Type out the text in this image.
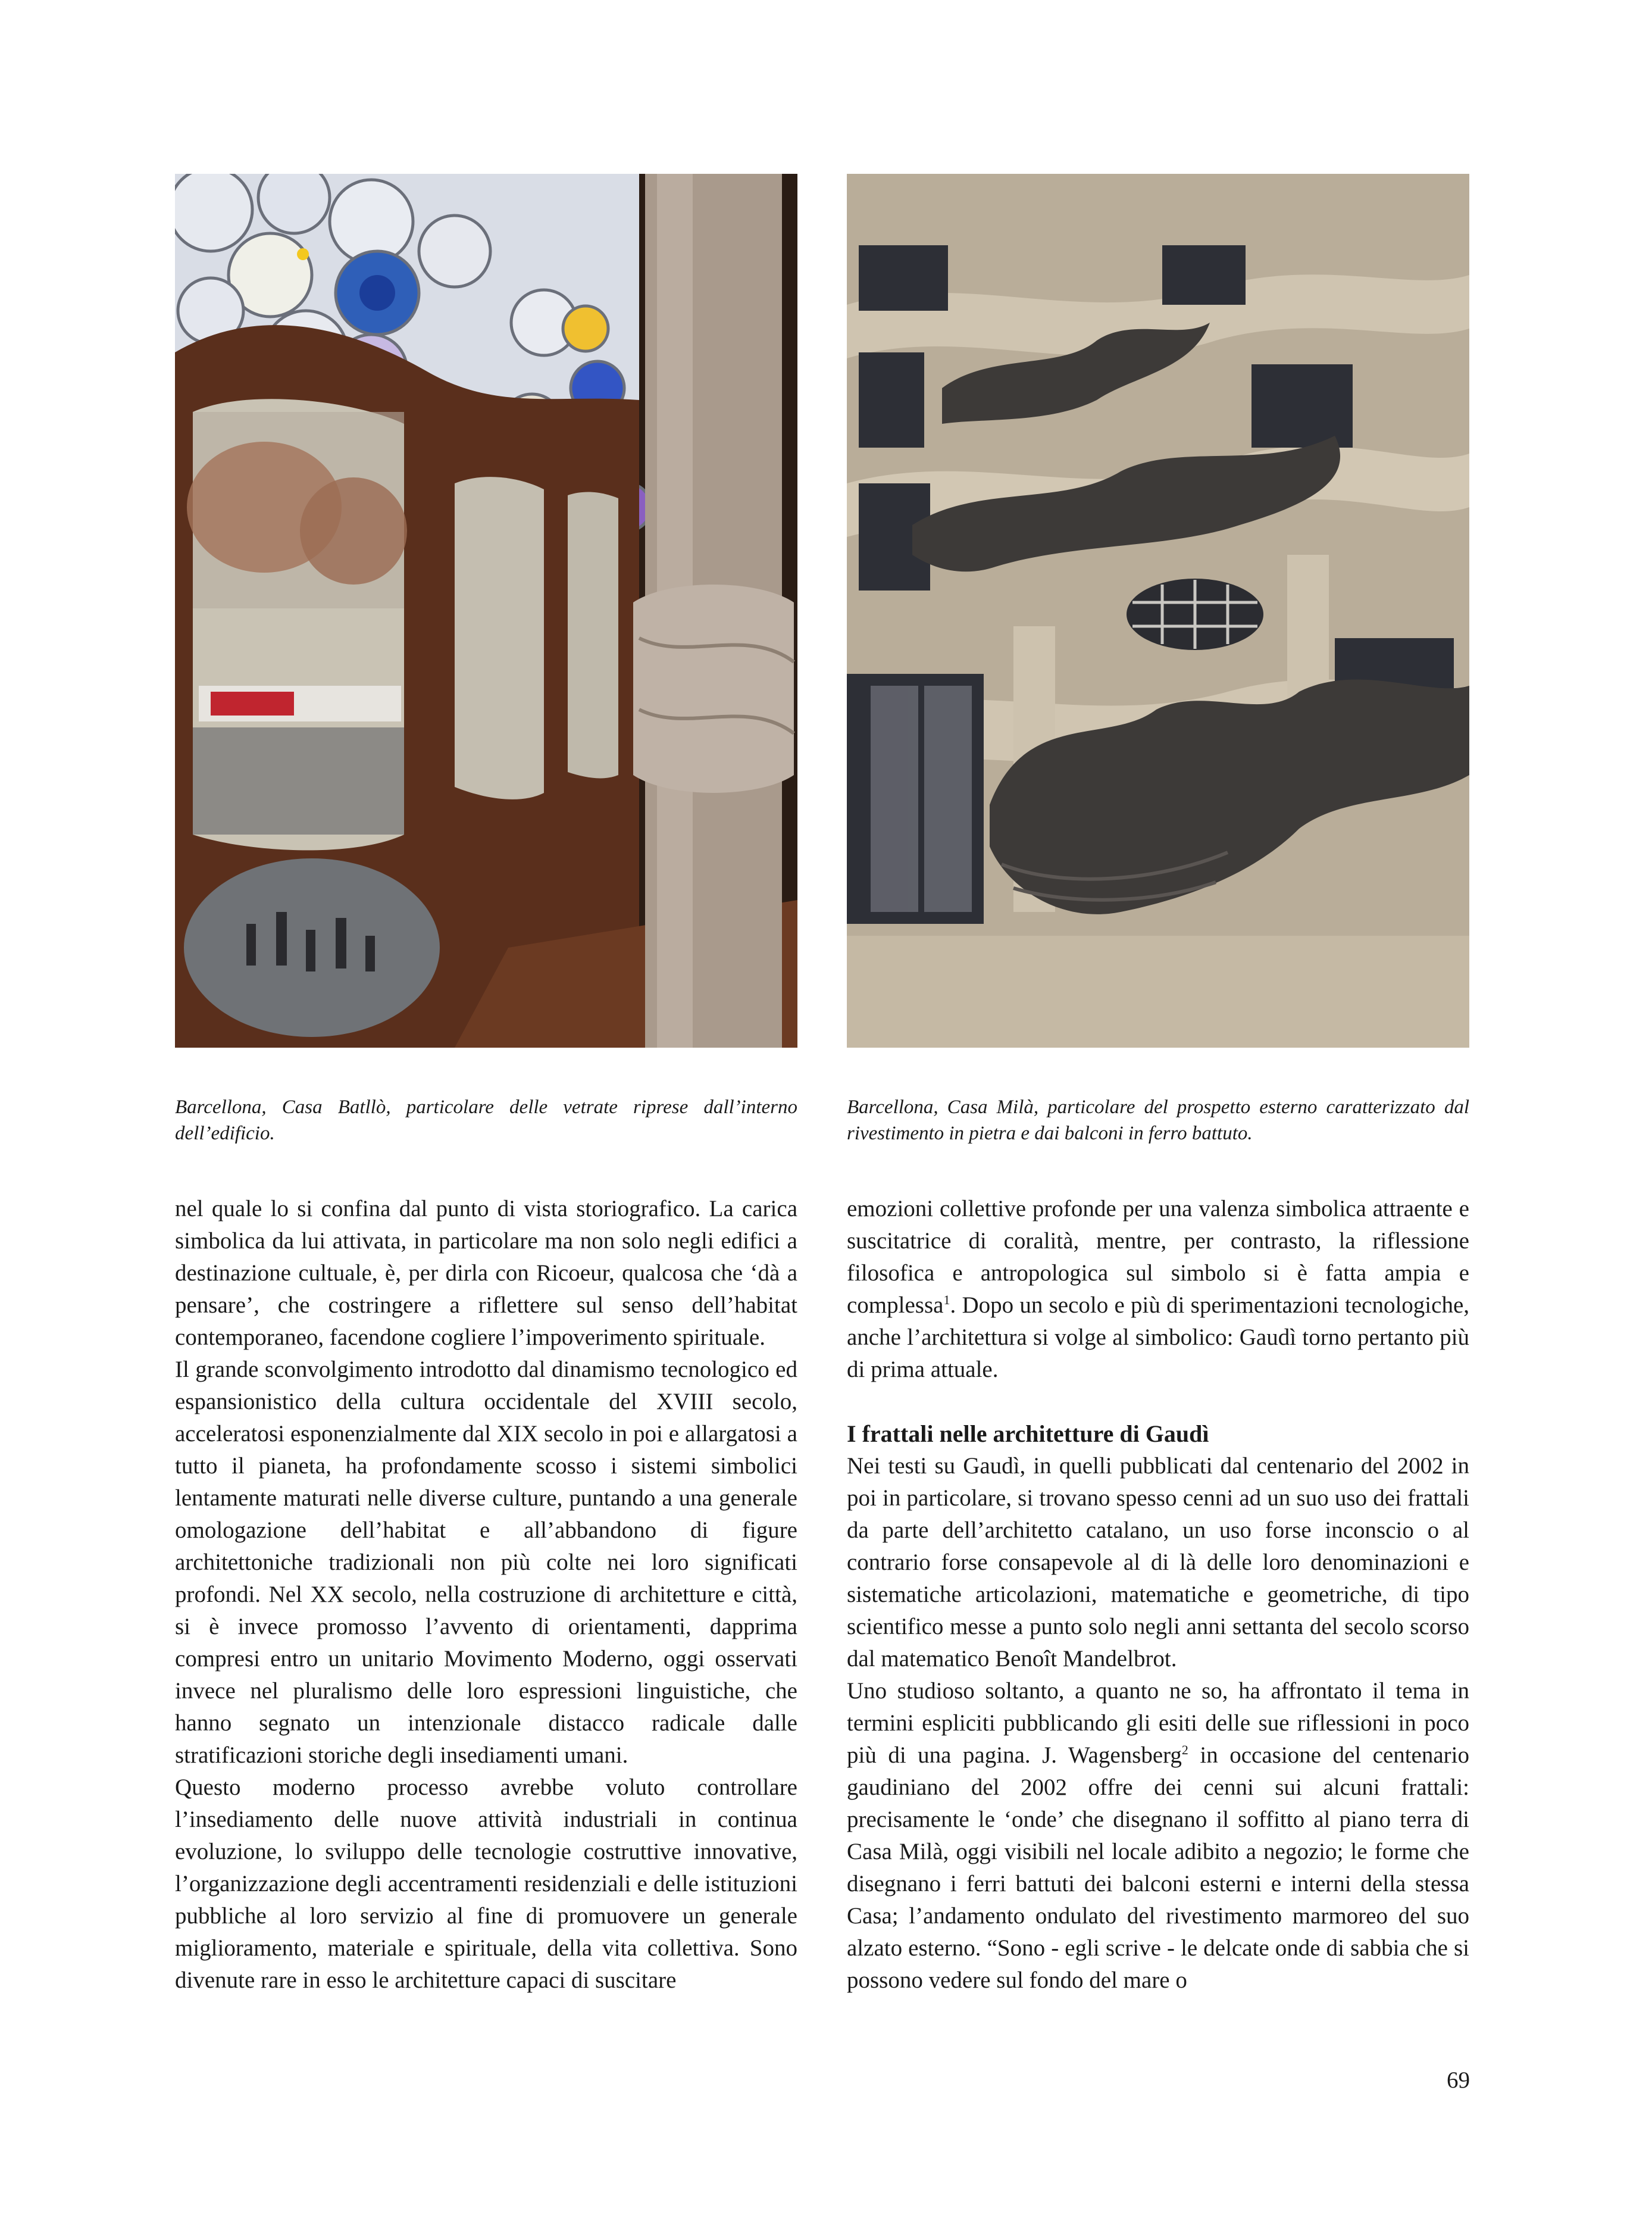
Barcellona, Casa Batllò, particolare delle vetrate riprese dall’interno dell’edificio.

Barcellona, Casa Milà, particolare del prospetto esterno caratterizzato dal rivestimento in pietra e dai balconi in ferro battuto.

nel quale lo si confina dal punto di vista storiografico. La carica simbolica da lui attivata, in particolare ma non solo negli edifici a destinazione cultuale, è, per dirla con Ricoeur, qualcosa che ‘dà a pensare’, che costringere a riflettere sul senso dell’habitat contemporaneo, facendone cogliere l’impoverimento spirituale.

Il grande sconvolgimento introdotto dal dinamismo tecnologico ed espansionistico della cultura occidentale del XVIII secolo, acceleratosi esponenzialmente dal XIX secolo in poi e allargatosi a tutto il pianeta, ha profondamente scosso i sistemi simbolici lentamente maturati nelle diverse culture, puntando a una generale omologazione dell’habitat e all’abbandono di figure architettoniche tradizionali non più colte nei loro significati profondi. Nel XX secolo, nella costruzione di architetture e città, si è invece promosso l’avvento di orientamenti, dapprima compresi entro un unitario Movimento Moderno, oggi osservati invece nel pluralismo delle loro espressioni linguistiche, che hanno segnato un intenzionale distacco radicale dalle stratificazioni storiche degli insediamenti umani.

Questo moderno processo avrebbe voluto controllare l’insediamento delle nuove attività industriali in continua evoluzione, lo sviluppo delle tecnologie costruttive innovative, l’organizzazione degli accentramenti residenziali e delle istituzioni pubbliche al loro servizio al fine di promuovere un generale miglioramento, materiale e spirituale, della vita collettiva. Sono divenute rare in esso le architetture capaci di suscitare

emozioni collettive profonde per una valenza simbolica attraente e suscitatrice di coralità, mentre, per contrasto, la riflessione filosofica e antropologica sul simbolo si è fatta ampia e complessa$^1$. Dopo un secolo e più di sperimentazioni tecnologiche, anche l’architettura si volge al simbolico: Gaudì torno pertanto più di prima attuale.

I frattali nelle architetture di Gaudì

Nei testi su Gaudì, in quelli pubblicati dal centenario del 2002 in poi in particolare, si trovano spesso cenni ad un suo uso dei frattali da parte dell’architetto catalano, un uso forse inconscio o al contrario forse consapevole al di là delle loro denominazioni e sistematiche articolazioni, matematiche e geometriche, di tipo scientifico messe a punto solo negli anni settanta del secolo scorso dal matematico Benoît Mandelbrot.

Uno studioso soltanto, a quanto ne so, ha affrontato il tema in termini espliciti pubblicando gli esiti delle sue riflessioni in poco più di una pagina. J. Wagensberg$^2$ in occasione del centenario gaudiniano del 2002 offre dei cenni sui alcuni frattali: precisamente le ‘onde’ che disegnano il soffitto al piano terra di Casa Milà, oggi visibili nel locale adibito a negozio; le forme che disegnano i ferri battuti dei balconi esterni e interni della stessa Casa; l’andamento ondulato del rivestimento marmoreo del suo alzato esterno. “Sono - egli scrive - le delcate onde di sabbia che si possono vedere sul fondo del mare o

69
